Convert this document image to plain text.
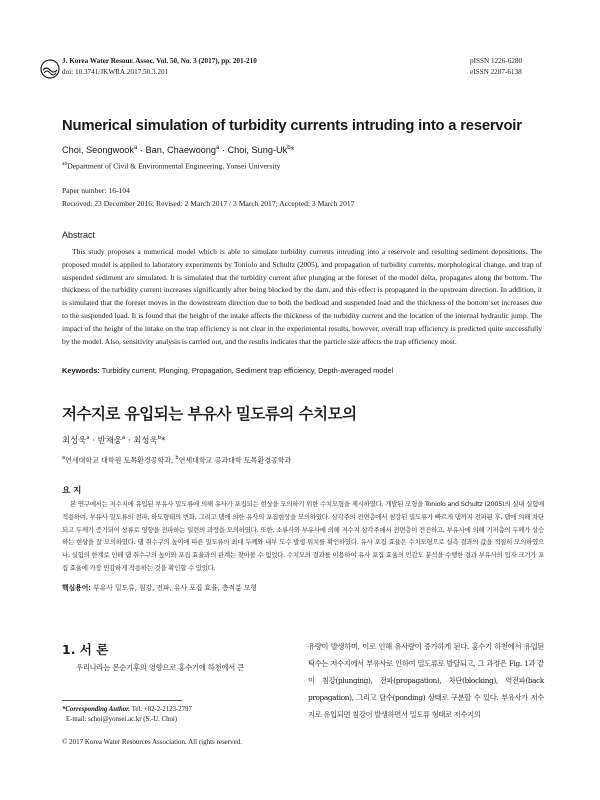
J. Korea Water Resour. Assoc. Vol. 50, No. 3 (2017), pp. 201-210
doi: 10.3741/JKWRA.2017.50.3.201
pISSN 1226-6280
eISSN 2287-6138
Numerical simulation of turbidity currents intruding into a reservoir
Choi, Seongwook$^a$ · Ban, Chaewoong$^a$ · Choi, Sung-Uk$^b$*
$^{ab}$Department of Civil & Environmental Engineering, Yonsei University
Paper number: 16-104
Received: 23 December 2016; Revised: 2 March 2017 / 3 March 2017; Accepted: 3 March 2017
Abstract
This study proposes a numerical model which is able to simulate turbidity currents intruding into a reservoir and resulting sediment depositions. The proposed model is applied to laboratory experiments by Toniolo and Schultz (2005), and propagation of turbidity currents, morphological change, and trap of suspended sediment are simulated. It is simulated that the turbidity current after plunging at the foreset of the model delta, propagates along the bottom. The thickness of the turbidity current increases significantly after being blocked by the dam, and this effect is propagated in the upstream direction. In addition, it is simulated that the foreset moves in the downstream direction due to both the bedload and suspended load and the thickness of the bottom set increases due to the suspended load. It is found that the height of the intake affects the thickness of the turbidity current and the location of the internal hydraulic jump. The impact of the height of the intake on the trap efficiency is not clear in the experimental results, however, overall trap efficiency is predicted quite successfully by the model. Also, sensitivity analysis is carried out, and the results indicates that the particle size affects the trap efficiency most.
Keywords: Turbidity current, Plunging, Propagation, Sediment trap efficiency, Depth-averaged model
저수지로 유입되는 부유사 밀도류의 수치모의
최성욱$^a$ · 반채웅$^a$ · 최성욱$^b$*
$^a$연세대학교 대학원 토목환경공학과, $^b$연세대학교 공과대학 토목환경공학과
요 지
본 연구에서는 저수지에 유입된 부유사 밀도류에 의해 유사가 포집되는 현상을 모의하기 위한 수치모형을 제시하였다. 개발된 모형을 Toniolo and Schultz (2005)의 실내 실험에 적용하여, 부유사 밀도류의 전파, 하도형태의 변화, 그리고 댐에 의한 유사의 포집현상을 모의하였다. 삼각주의 전면층에서 침강된 밀도류가 빠르게 댐까지 전파된 후, 댐에 의해 차단되고 두께가 증가되어 상류로 영향을 전파하는 일련의 과정을 모의하였다. 또한, 소류사와 부유사에 의해 저수지 삼각주에서 전면층이 전진하고, 부유사에 의해 기저층의 두께가 상승하는 현상을 잘 모의하였다. 댐 취수구의 높이에 따른 밀도류의 최대 두께와 내부 도수 발생 위치를 확인하였다. 유사 포집 효율은 수치모형으로 실측 결과의 값을 적절히 모의하였으나, 실험의 한계로 인해 댐 취수구의 높이와 포집 효율과의 관계는 찾아볼 수 없었다. 수치모의 결과를 이용하여 유사 포집 효율의 민감도 분석을 수행한 결과 부유사의 입자 크기가 포집 효율에 가장 민감하게 작용하는 것을 확인할 수 있었다.
핵심용어: 부유사 밀도류, 침강, 전파, 유사 포집 효율, 층적분 모형
1. 서 론
우리나라는 몬순기후의 영향으로 홍수기에 하천에서 큰
유량이 발생하며, 이로 인해 유사량이 증가하게 된다. 홍수기 하천에서 유입된 탁수는 저수지에서 부유사로 인하여 밀도류로 발달되고, 그 과정은 Fig. 1과 같이 침강(plunging), 전파(propagation), 차단(blocking), 역전파(back propagation), 그리고 담수(ponding) 상태로 구분할 수 있다. 부유사가 저수지로 유입되면 침강이 발생하면서 밀도류 형태로 저수지의
*Corresponding Author. Tel: +82-2-2123-2797
E-mail: schoi@yonsei.ac.kr (S.-U. Choi)
© 2017 Korea Water Resources Association. All rights reserved.
